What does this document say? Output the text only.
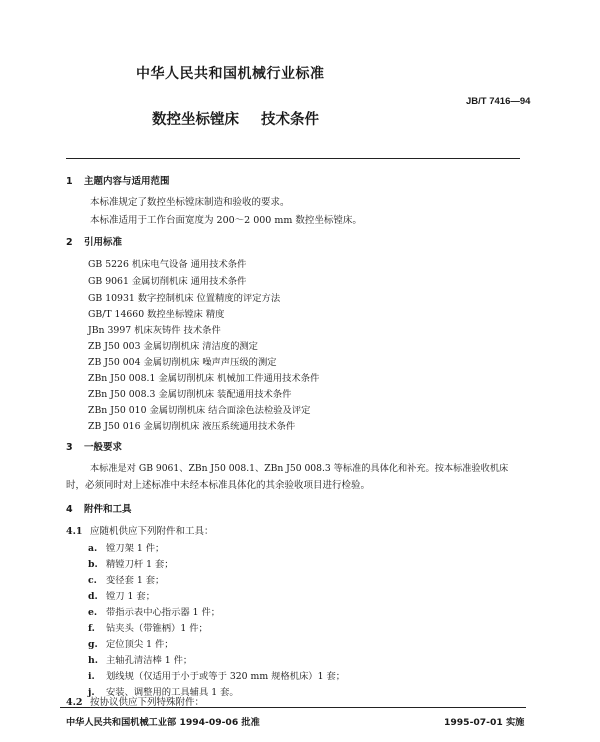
中华人民共和国机械行业标准
JB/T 7416—94
数控坐标镗床 技术条件
1 主题内容与适用范围
本标准规定了数控坐标镗床制造和验收的要求。
本标准适用于工作台面宽度为 200～2 000 mm 数控坐标镗床。
2 引用标准
GB 5226 机床电气设备 通用技术条件
GB 9061 金属切削机床 通用技术条件
GB 10931 数字控制机床 位置精度的评定方法
GB/T 14660 数控坐标镗床 精度
JBn 3997 机床灰铸件 技术条件
ZB J50 003 金属切削机床 清洁度的测定
ZB J50 004 金属切削机床 噪声声压级的测定
ZBn J50 008.1 金属切削机床 机械加工件通用技术条件
ZBn J50 008.3 金属切削机床 装配通用技术条件
ZBn J50 010 金属切削机床 结合面涂色法检验及评定
ZB J50 016 金属切削机床 液压系统通用技术条件
3 一般要求
本标准是对 GB 9061、ZBn J50 008.1、ZBn J50 008.3 等标准的具体化和补充。按本标准验收机床
时，必须同时对上述标准中未经本标准具体化的其余验收项目进行检验。
4 附件和工具
4.1 应随机供应下列附件和工具：
a. 镗刀架 1 件；
b. 精镗刀杆 1 套；
c. 变径套 1 套；
d. 镗刀 1 套；
e. 带指示表中心指示器 1 件；
f. 钻夹头（带锥柄）1 件；
g. 定位顶尖 1 件；
h. 主轴孔清洁棒 1 件；
i. 划线规（仅适用于小于或等于 320 mm 规格机床）1 套；
j. 安装、调整用的工具辅具 1 套。
4.2 按协议供应下列特殊附件：
中华人民共和国机械工业部 1994-09-06 批准	1995-07-01 实施
